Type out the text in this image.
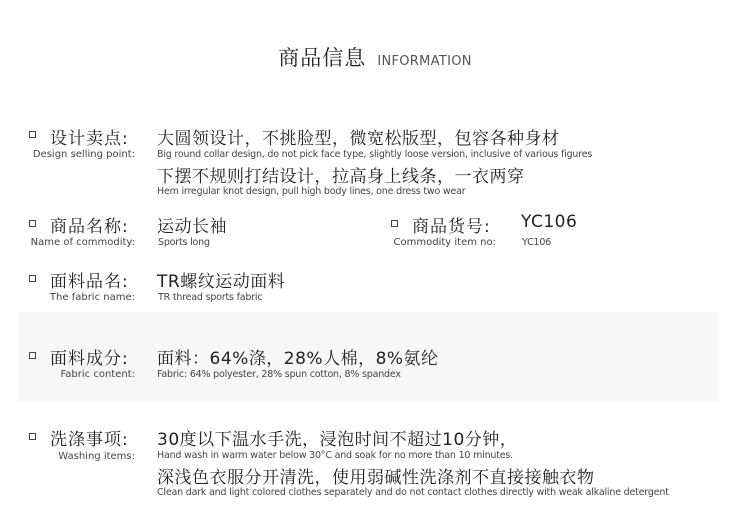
商品信息 INFORMATION
设计卖点:
Design selling point:
大圆领设计，不挑脸型，微宽松版型，包容各种身材
Big round collar design, do not pick face type, slightly loose version, inclusive of various figures
下摆不规则打结设计，拉高身上线条，一衣两穿
Hem irregular knot design, pull high body lines, one dress two wear
商品名称:
Name of commodity:
运动长袖
Sports long
商品货号:
Commodity item no:
YC106
YC106
面料品名:
The fabric name:
TR螺纹运动面料
TR thread sports fabric
面料成分:
Fabric content:
面料：64%涤，28%人棉，8%氨纶
Fabric: 64% polyester, 28% spun cotton, 8% spandex
洗涤事项:
Washing items:
30度以下温水手洗，浸泡时间不超过10分钟，
Hand wash in warm water below 30°C and soak for no more than 10 minutes.
深浅色衣服分开清洗，使用弱碱性洗涤剂不直接接触衣物
Clean dark and light colored clothes separately and do not contact clothes directly with weak alkaline detergent
